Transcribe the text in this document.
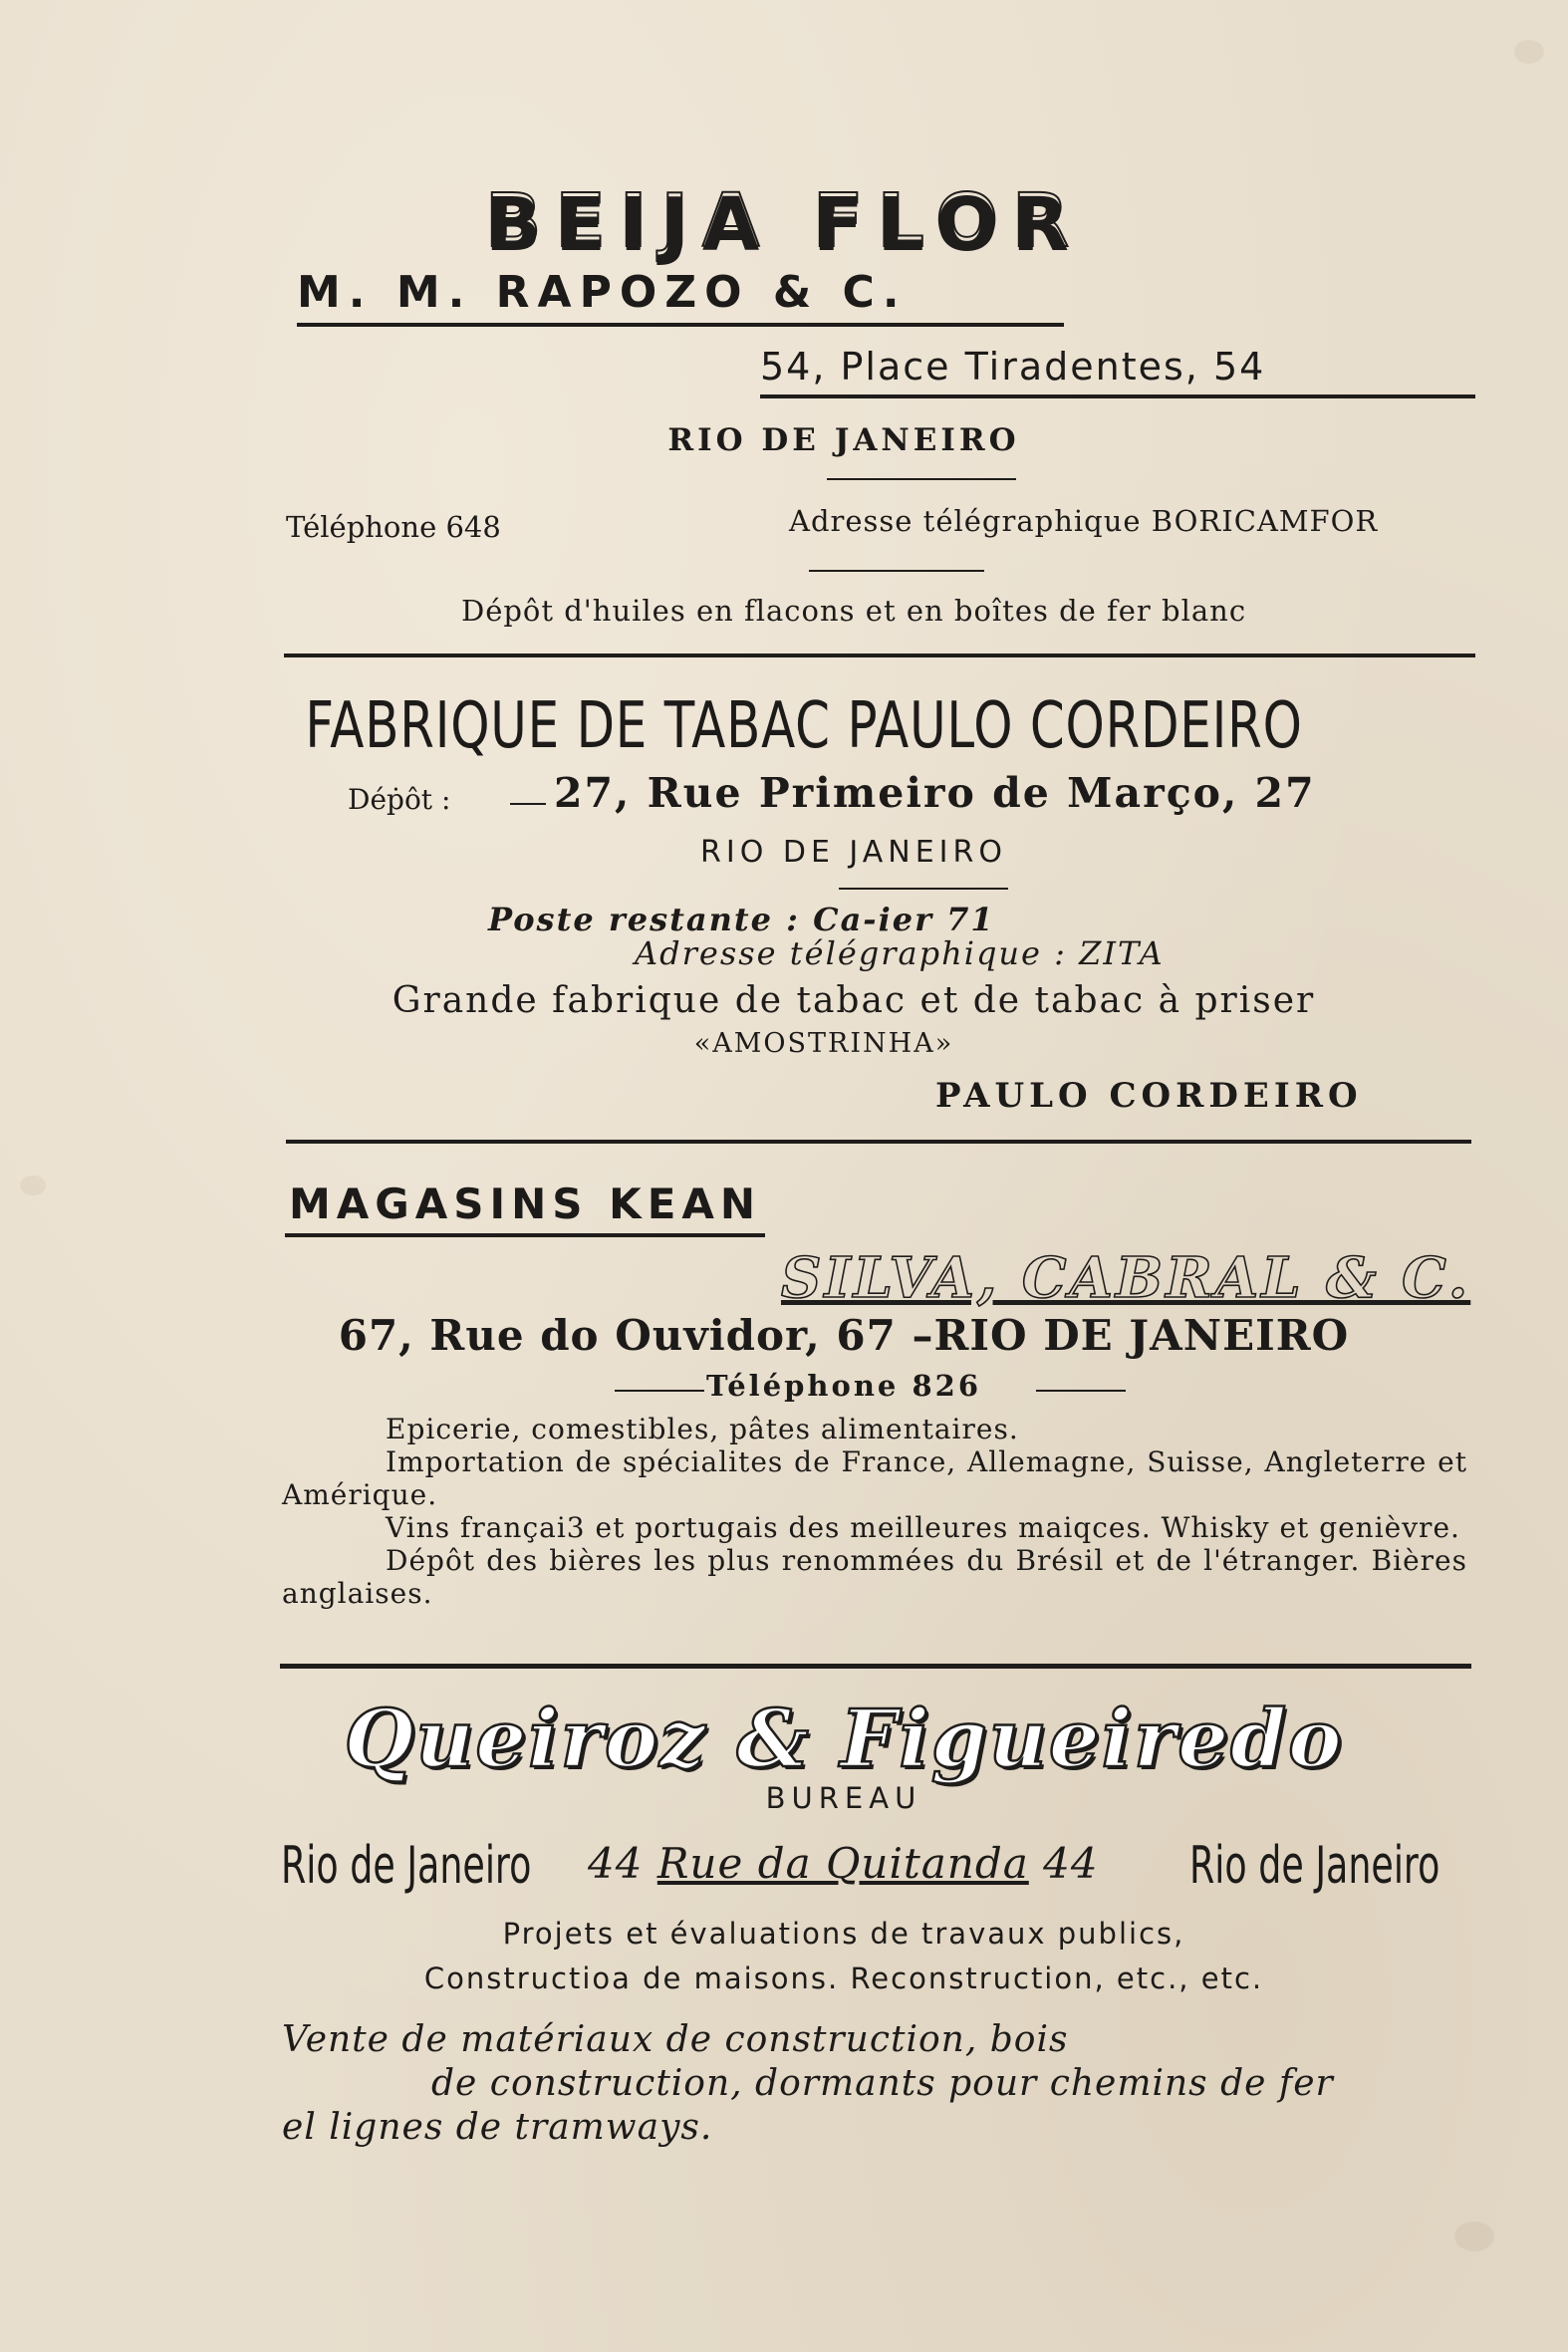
BEIJA FLOR
M. M. RAPOZO & C.
54, Place Tiradentes, 54
RIO DE JANEIRO
Téléphone 648	Adresse télégraphique BORICAMFOR
Dépôt d'huiles en flacons et en boîtes de fer blanc
FABRIQUE DE TABAC PAULO CORDEIRO
Déṗôt :	27, Rue Primeiro de Março, 27
RIO DE JANEIRO
Poste restante : Ca-ier 71
Adresse télégraphique : ZITA
Grande fabrique de tabac et de tabac à priser
«AMOSTRINHA»
PAULO CORDEIRO
MAGASINS KEAN
SILVA, CABRAL & C.
67, Rue do Ouvidor, 67 –RIO DE JANEIRO
Téléphone 826

Epicerie, comestibles, pâtes alimentaires.

Importation de spécialites de France, Allemagne, Suisse, Angleterre et Amérique.

Vins françai3 et portugais des meilleures maiqces. Whisky et genièvre.

Dépôt des bières les plus renommées du Brésil et de l'étranger. Bières anglaises.

Queiroz & Figueiredo
BUREAU
Rio de Janeiro 44 Rue da Quitanda 44 Rio de Janeiro
Projets et évaluations de travaux publics,
Constructioa de maisons. Reconstruction, etc., etc.
Vente de matériaux de construction, bois
de construction, dormants pour chemins de fer
el lignes de tramways.
